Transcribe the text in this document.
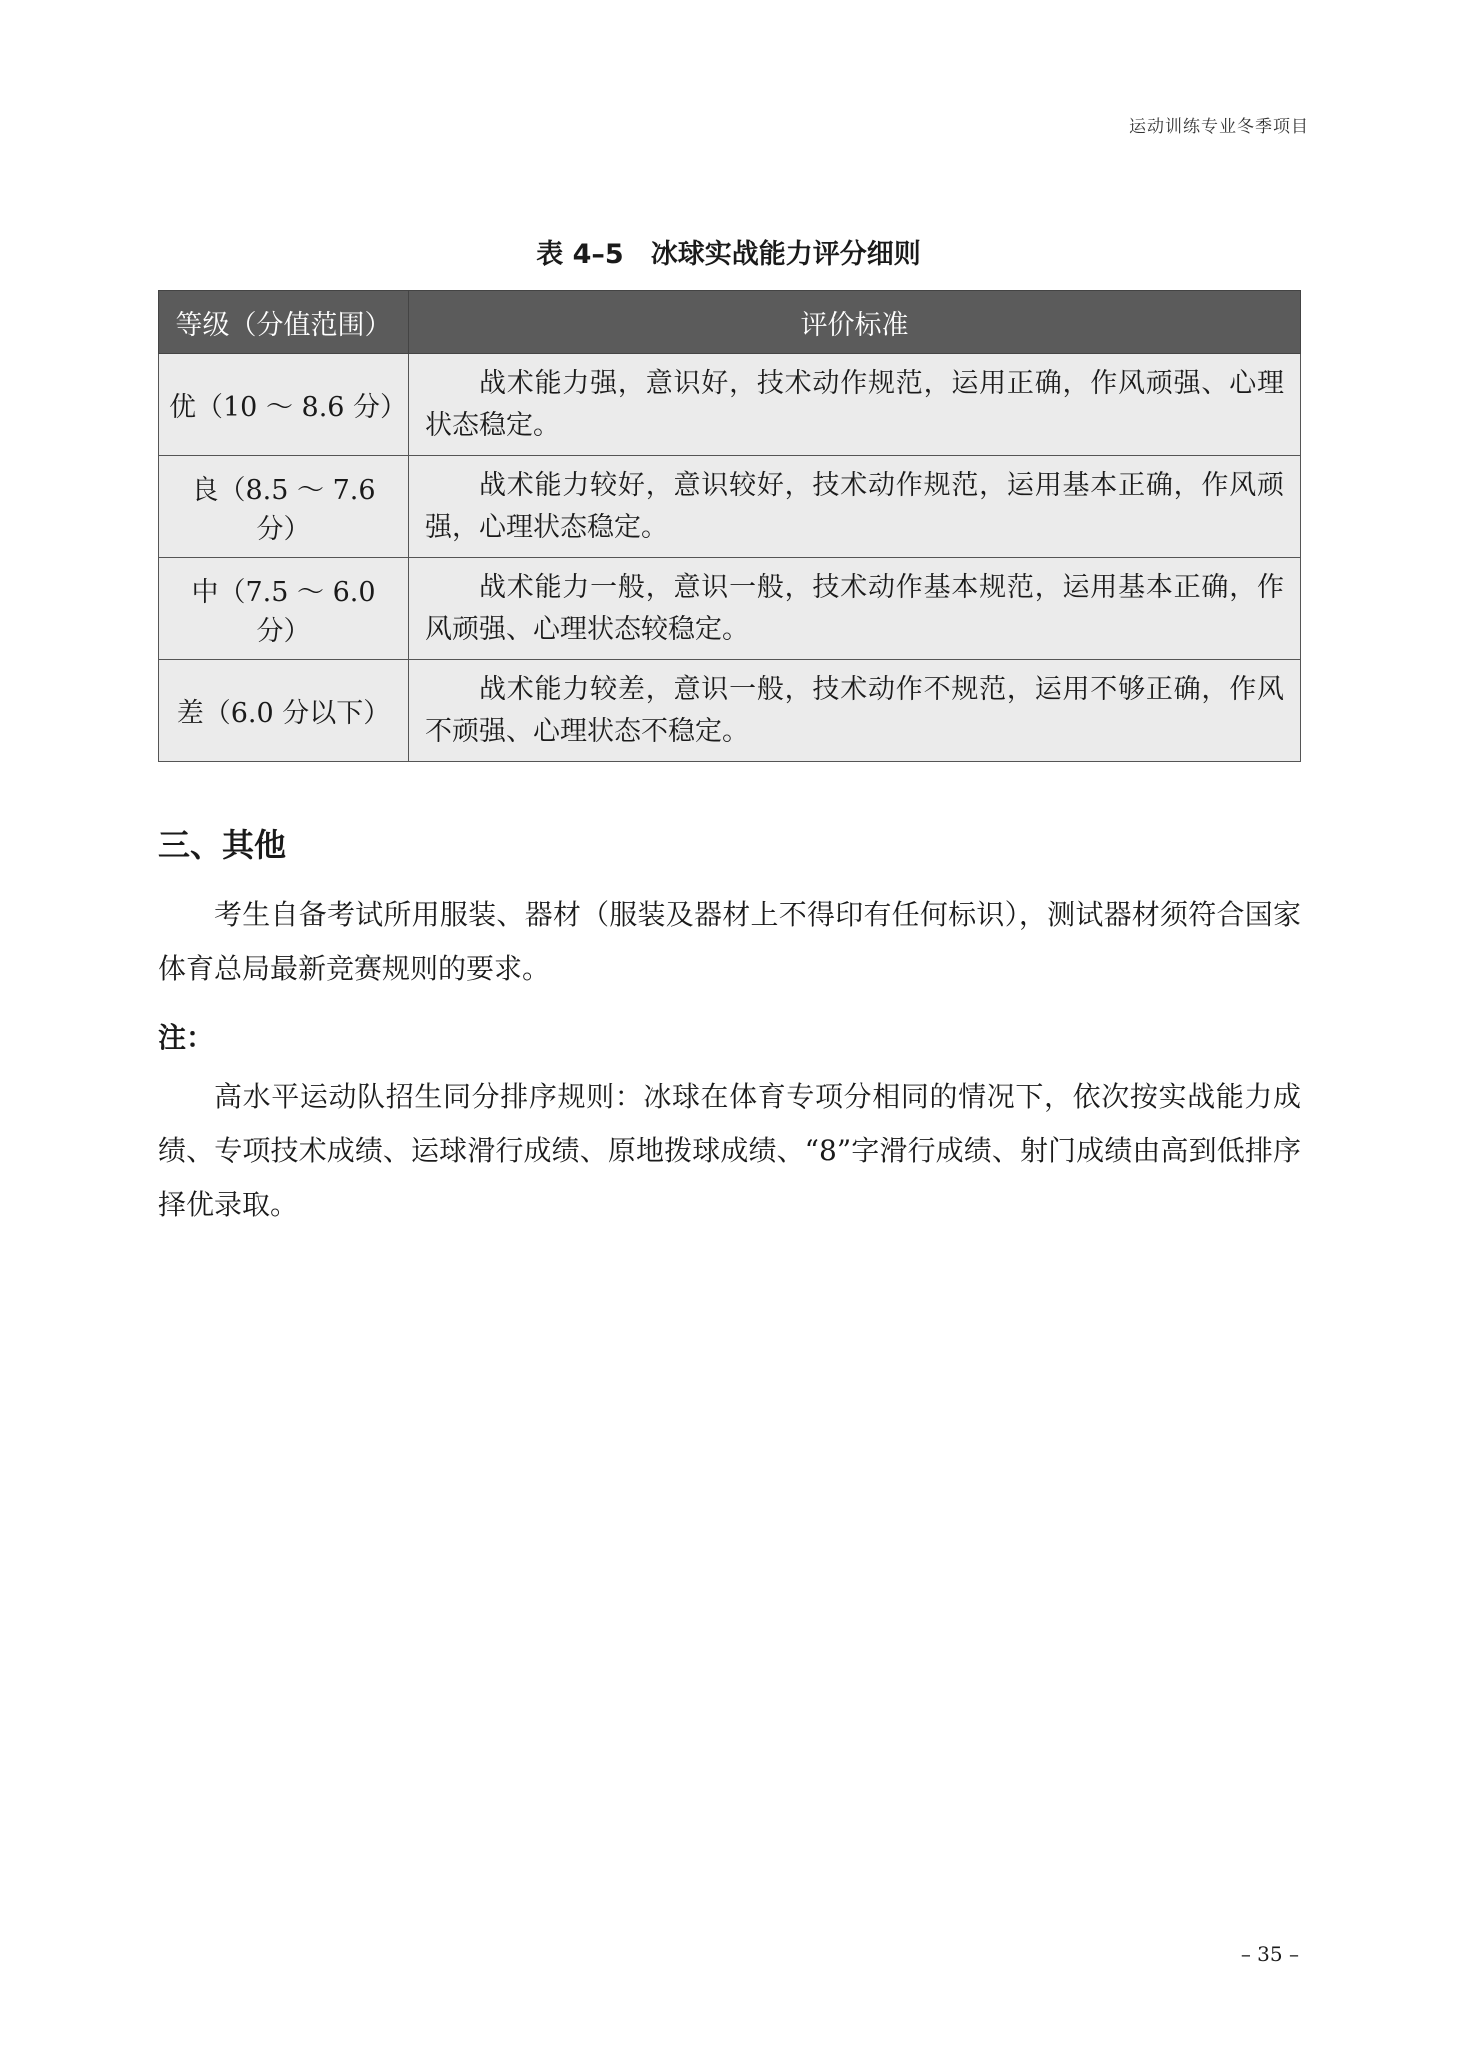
运动训练专业冬季项目
表 4–5　冰球实战能力评分细则
等级（分值范围）	评价标准
优（10 ～ 8.6 分）	战术能力强，意识好，技术动作规范，运用正确，作风顽强、心理状态稳定。
良（8.5 ～ 7.6 分）	战术能力较好，意识较好，技术动作规范，运用基本正确，作风顽强，心理状态稳定。
中（7.5 ～ 6.0 分）	战术能力一般，意识一般，技术动作基本规范，运用基本正确，作风顽强、心理状态较稳定。
差（6.0 分以下）	战术能力较差，意识一般，技术动作不规范，运用不够正确，作风不顽强、心理状态不稳定。
三、其他

考生自备考试所用服装、器材（服装及器材上不得印有任何标识），测试器材须符合国家体育总局最新竞赛规则的要求。

注：

高水平运动队招生同分排序规则：冰球在体育专项分相同的情况下，依次按实战能力成绩、专项技术成绩、运球滑行成绩、原地拨球成绩、“8”字滑行成绩、射门成绩由高到低排序择优录取。

– 35 –
